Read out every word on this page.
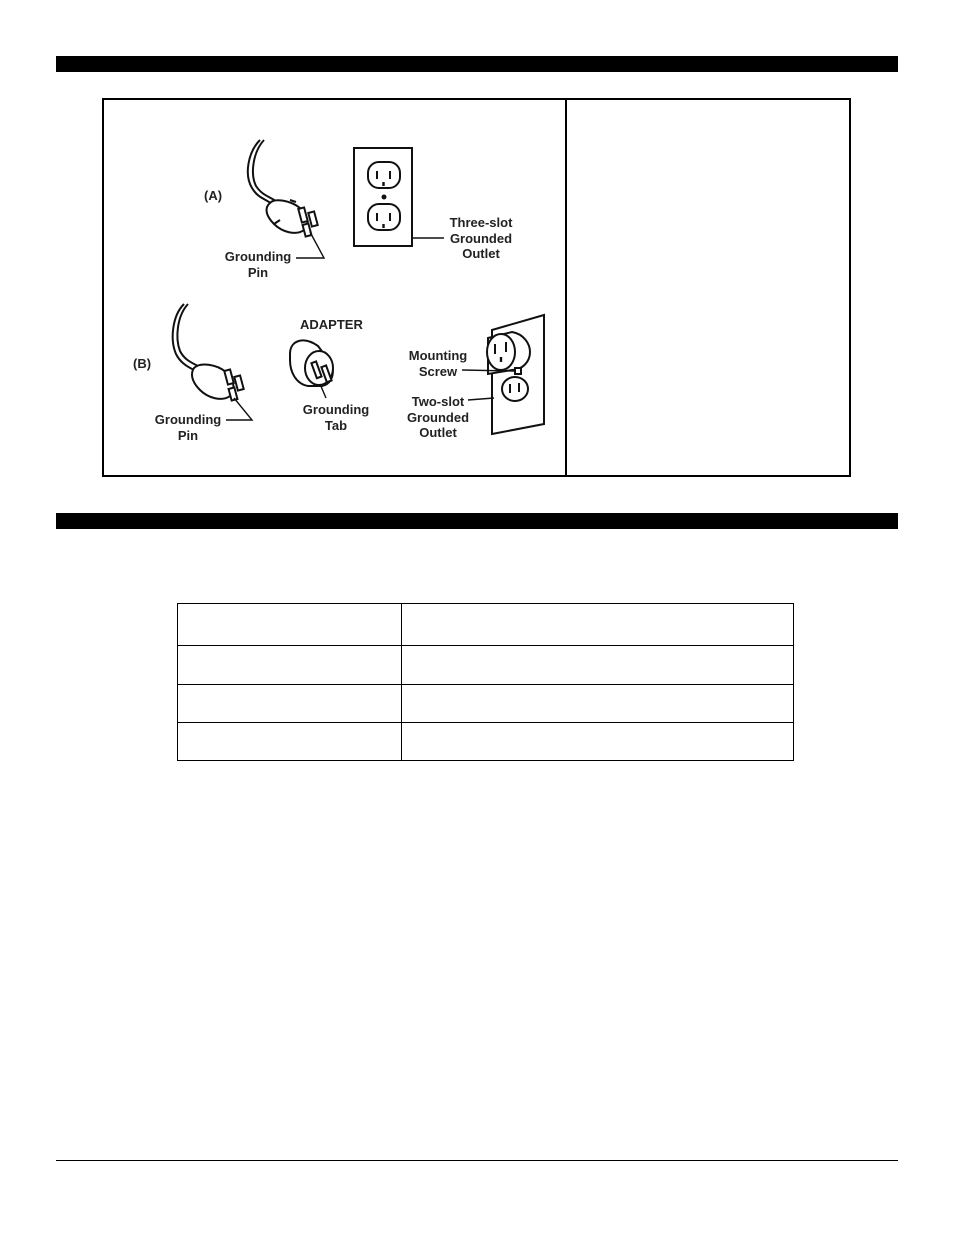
(A)
Grounding
Pin
Three-slot
Grounded
Outlet
(B)
ADAPTER
Mounting
Screw
Grounding
Pin
Grounding
Tab
Two-slot
Grounded
Outlet
